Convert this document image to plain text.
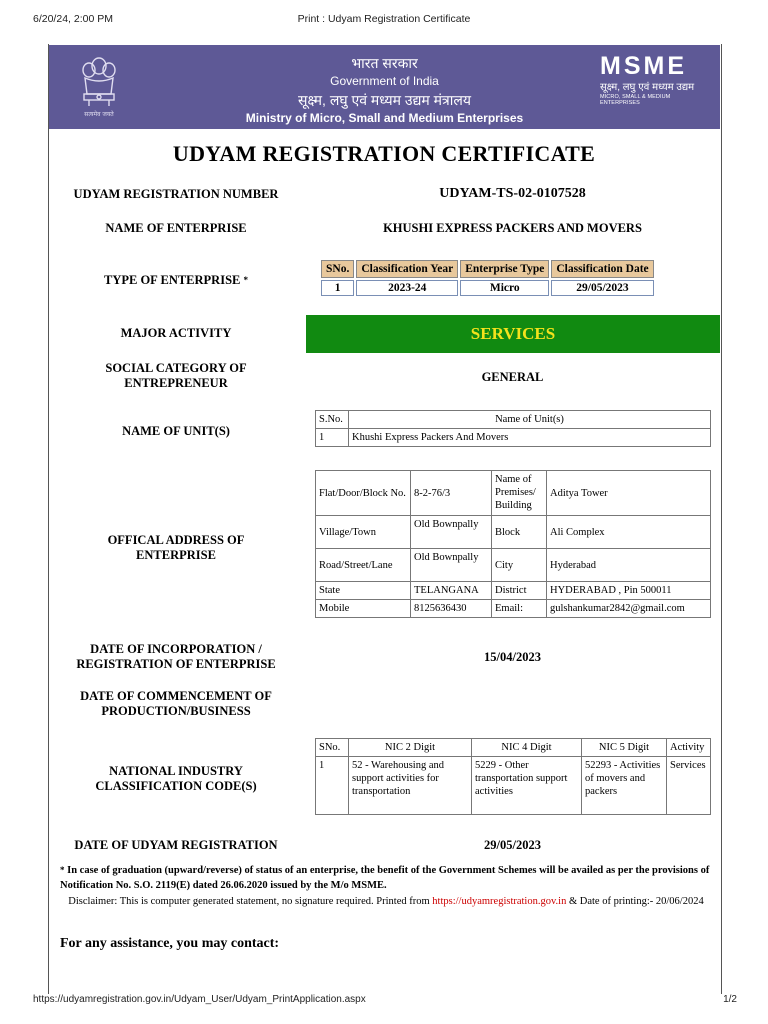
6/20/24, 2:00 PM	Print : Udyam Registration Certificate
सत्यमेव जयते
भारत सरकार
Government of India
सूक्ष्म, लघु एवं मध्यम उद्यम मंत्रालय
Ministry of Micro, Small and Medium Enterprises
MSME
सूक्ष्म, लघु एवं मध्यम उद्यम
MICRO, SMALL & MEDIUM ENTERPRISES
UDYAM REGISTRATION CERTIFICATE
UDYAM REGISTRATION NUMBER	UDYAM-TS-02-0107528
NAME OF ENTERPRISE	KHUSHI EXPRESS PACKERS AND MOVERS
TYPE OF ENTERPRISE *
SNo.	Classification Year	Enterprise Type	Classification Date
1	2023-24	Micro	29/05/2023
MAJOR ACTIVITY	SERVICES
SOCIAL CATEGORY OF
ENTREPRENEUR	GENERAL
NAME OF UNIT(S)
S.No.	Name of Unit(s)
1	Khushi Express Packers And Movers
OFFICAL ADDRESS OF
ENTERPRISE
Flat/Door/Block No.	8-2-76/3	Name of Premises/ Building	Aditya Tower
Village/Town	Old Bownpally	Block	Ali Complex
Road/Street/Lane	Old Bownpally	City	Hyderabad
State	TELANGANA	District	HYDERABAD , Pin 500011
Mobile	8125636430	Email:	gulshankumar2842@gmail.com
DATE OF INCORPORATION /
REGISTRATION OF ENTERPRISE	15/04/2023
DATE OF COMMENCEMENT OF
PRODUCTION/BUSINESS
NATIONAL INDUSTRY
CLASSIFICATION CODE(S)
SNo.	NIC 2 Digit	NIC 4 Digit	NIC 5 Digit	Activity
1	52 - Warehousing and support activities for transportation	5229 - Other transportation support activities	52293 - Activities of movers and packers	Services
DATE OF UDYAM REGISTRATION	29/05/2023
* In case of graduation (upward/reverse) of status of an enterprise, the benefit of the Government Schemes will be availed as per the provisions of Notification No. S.O. 2119(E) dated 26.06.2020 issued by the M/o MSME.
Disclaimer: This is computer generated statement, no signature required. Printed from https://udyamregistration.gov.in & Date of printing:- 20/06/2024
For any assistance, you may contact:
https://udyamregistration.gov.in/Udyam_User/Udyam_PrintApplication.aspx	1/2
